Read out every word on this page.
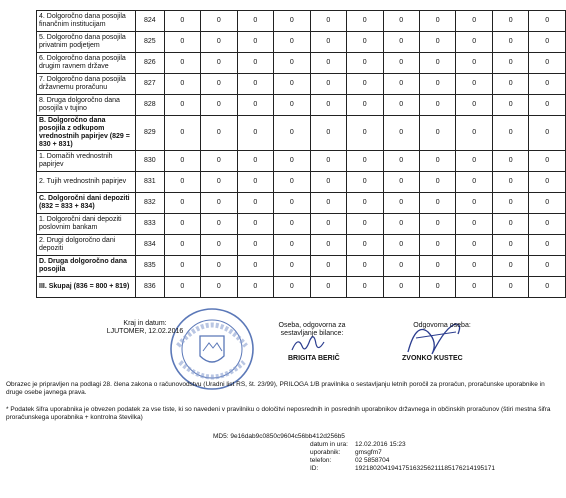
4. Dolgoročno dana posojila finančnim institucijam	824	0	0	0	0	0	0	0	0	0	0	0
5. Dolgoročno dana posojila privatnim podjetjem	825	0	0	0	0	0	0	0	0	0	0	0
6. Dolgoročno dana posojila drugim ravnem države	826	0	0	0	0	0	0	0	0	0	0	0
7. Dolgoročno dana posojila državnemu proračunu	827	0	0	0	0	0	0	0	0	0	0	0
8. Druga dolgoročno dana posojila v tujino	828	0	0	0	0	0	0	0	0	0	0	0
B. Dolgoročno dana posojila z odkupom vrednostnih papirjev (829 = 830 + 831)	829	0	0	0	0	0	0	0	0	0	0	0
1. Domačih vrednostnih papirjev	830	0	0	0	0	0	0	0	0	0	0	0
2. Tujih vrednostnih papirjev	831	0	0	0	0	0	0	0	0	0	0	0
C. Dolgoročni dani depoziti (832 = 833 + 834)	832	0	0	0	0	0	0	0	0	0	0	0
1. Dolgoročni dani depoziti poslovnim bankam	833	0	0	0	0	0	0	0	0	0	0	0
2. Drugi dolgoročno dani depoziti	834	0	0	0	0	0	0	0	0	0	0	0
D. Druga dolgoročno dana posojila	835	0	0	0	0	0	0	0	0	0	0	0
III. Skupaj (836 = 800 + 819)	836	0	0	0	0	0	0	0	0	0	0	0
Kraj in datum:
LJUTOMER, 12.02.2016
Oseba, odgovorna za
sestavljanje bilance:
BRIGITA BERIČ
Odgovorna oseba:
ZVONKO KUSTEC
Obrazec je pripravljen na podlagi 28. člena zakona o računovodstvu (Uradni list RS, št. 23/99), PRILOGA 1/B pravilnika o sestavljanju letnih poročil za proračun, proračunske uporabnike in druge osebe javnega prava.
* Podatek šifra uporabnika je obvezen podatek za vse tiste, ki so navedeni v pravilniku o določitvi neposrednih in posrednih uporabnikov državnega in občinskih proračunov (štiri mestna šifra proračunskega uporabnika + kontrolna številka)
MD5: 9e16dab9c0850c9604c56bb412d256b5
datum in ura: 12.02.2016 15:23
uporabnik: gmsgfm7
telefon:	02 5858704
ID:	192180204194175163256211185176214195171
